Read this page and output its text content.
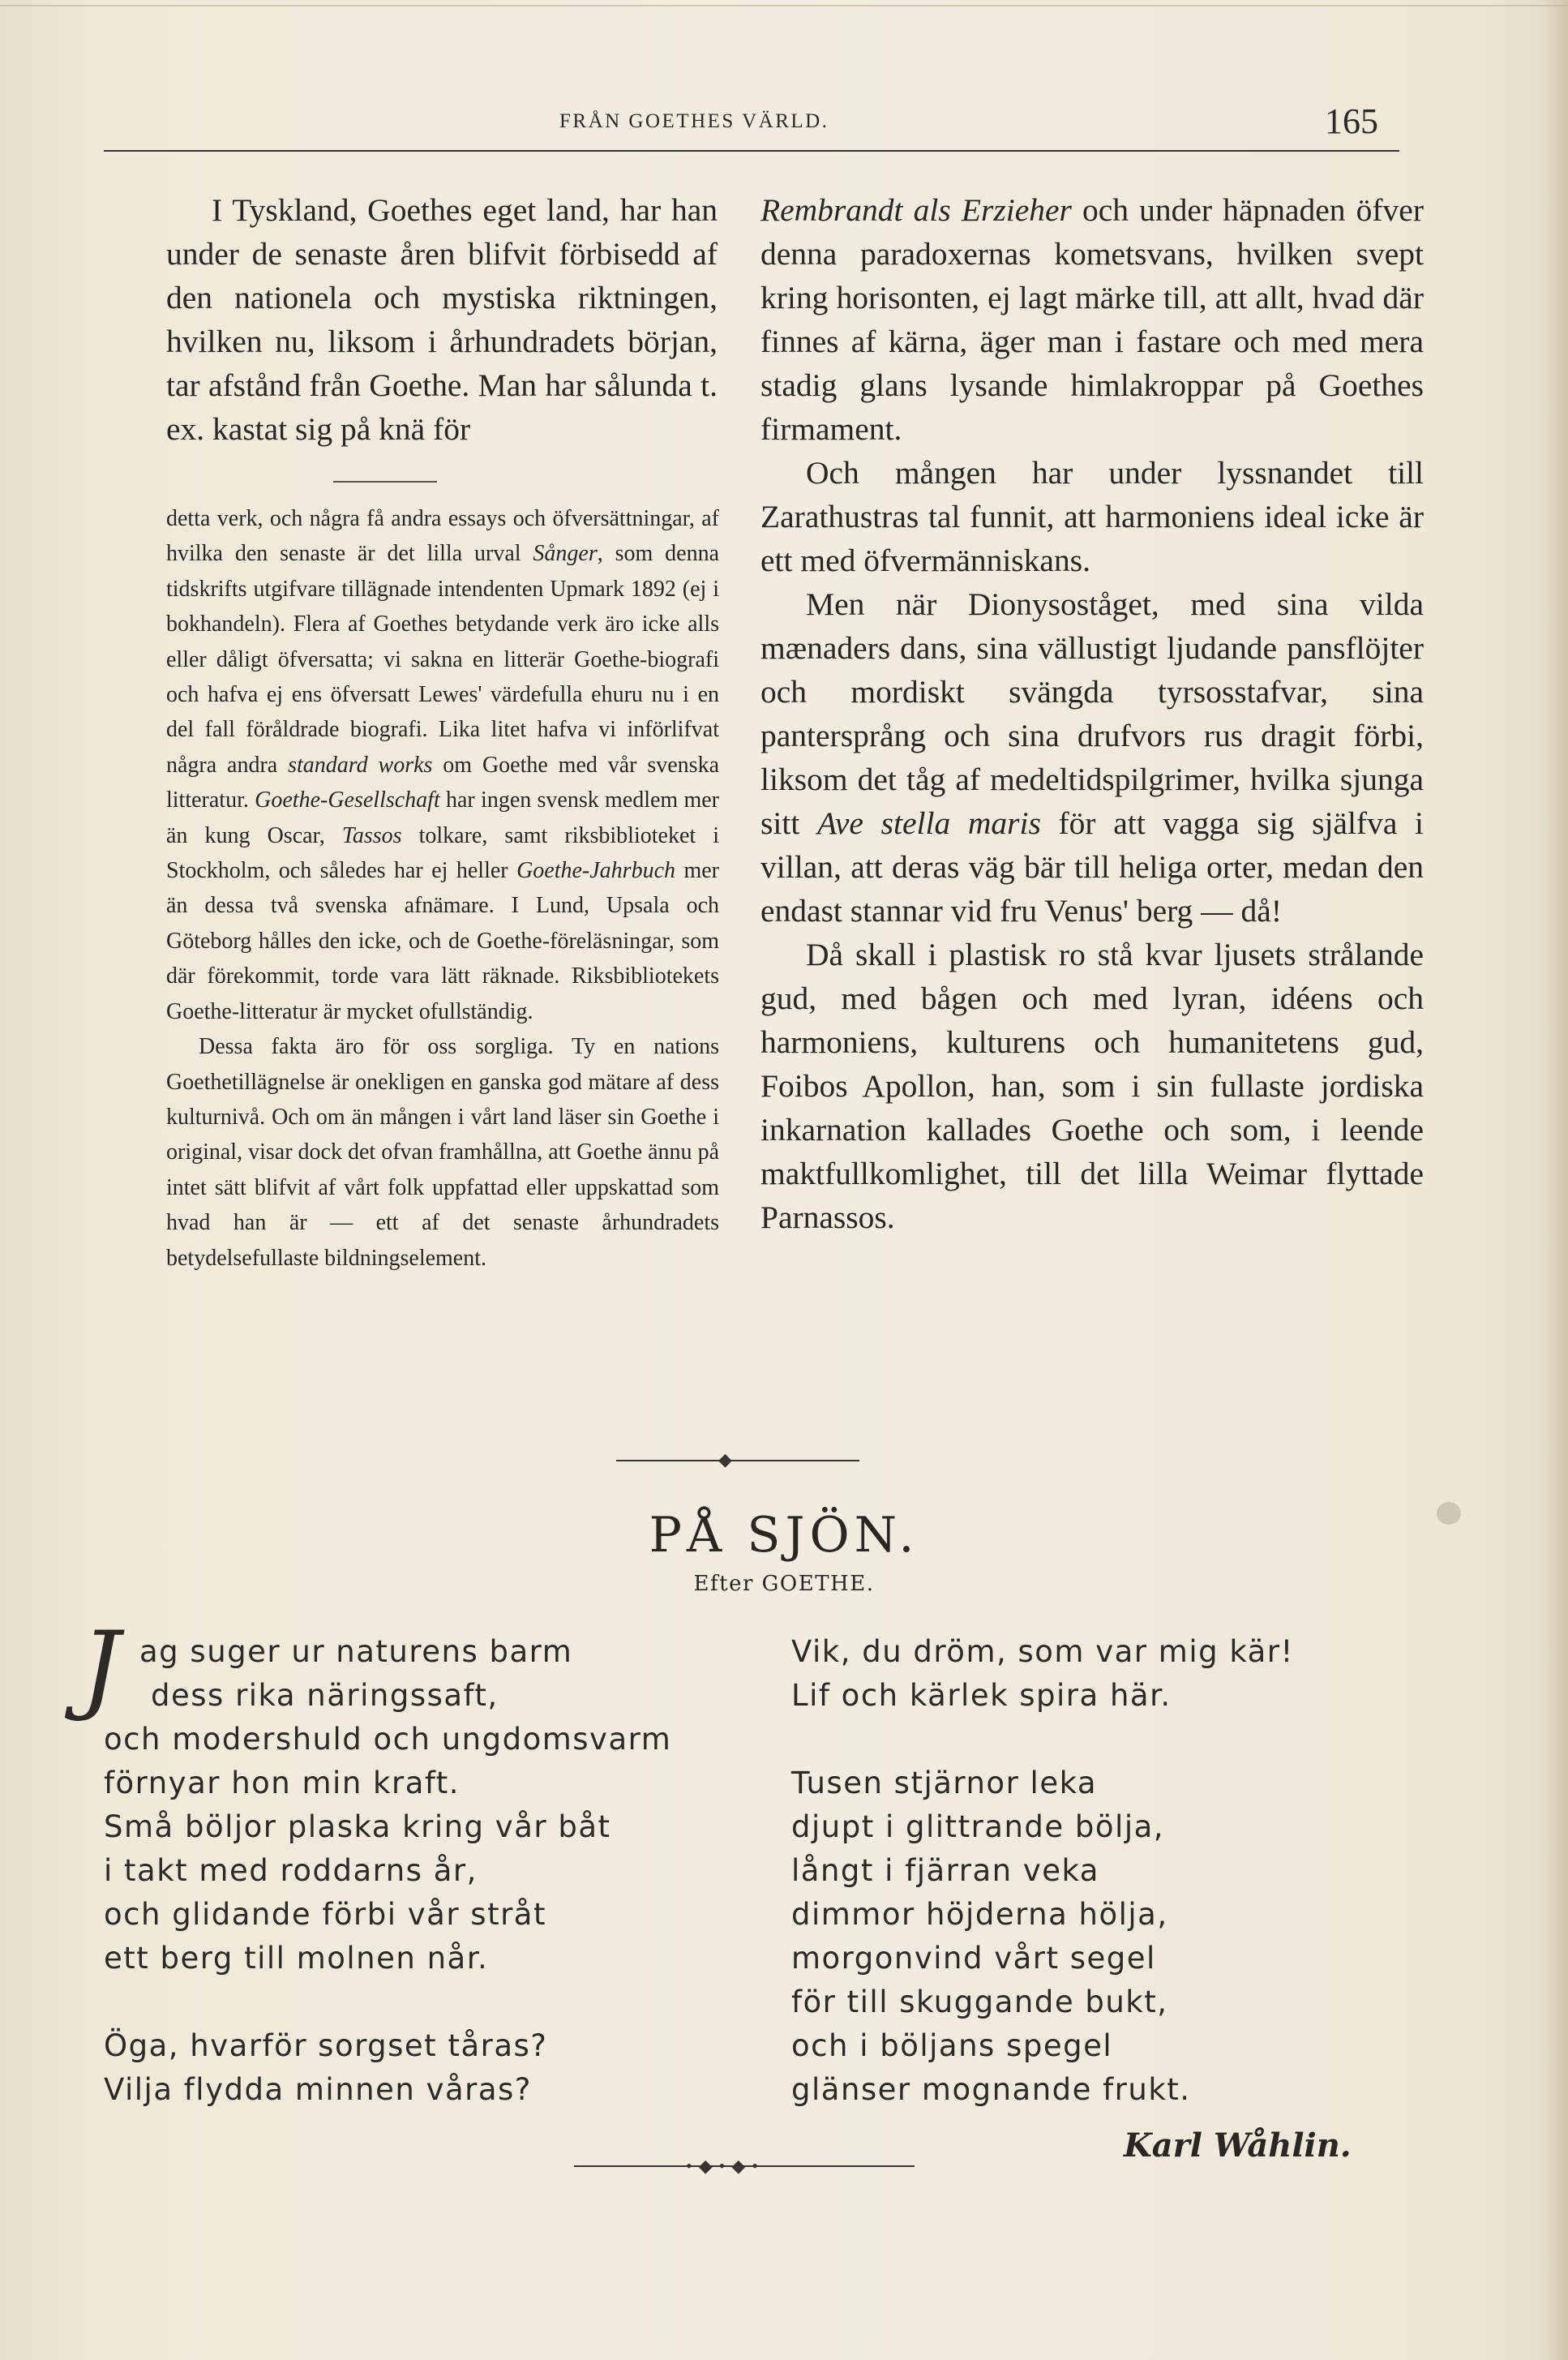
FRÅN GOETHES VÄRLD.	165

I Tyskland, Goethes eget land, har han under de senaste åren blifvit förbisedd af den nationela och mystiska riktningen, hvilken nu, liksom i århundradets början, tar afstånd från Goethe. Man har sålunda t. ex. kastat sig på knä för

detta verk, och några få andra essays och öfversättningar, af hvilka den senaste är det lilla urval Sånger, som denna tidskrifts utgifvare tillägnade intendenten Upmark 1892 (ej i bokhandeln). Flera af Goethes betydande verk äro icke alls eller dåligt öfversatta; vi sakna en litterär Goethe-biografi och hafva ej ens öfversatt Lewes' värdefulla ehuru nu i en del fall föråldrade biografi. Lika litet hafva vi införlifvat några andra standard works om Goethe med vår svenska litteratur. Goethe-Gesellschaft har ingen svensk medlem mer än kung Oscar, Tassos tolkare, samt riksbiblioteket i Stockholm, och således har ej heller Goethe-Jahrbuch mer än dessa två svenska afnämare. I Lund, Upsala och Göteborg hålles den icke, och de Goethe-föreläsningar, som där förekommit, torde vara lätt räknade. Riksbibliotekets Goethe-litteratur är mycket ofullständig.

Dessa fakta äro för oss sorgliga. Ty en nations Goethetillägnelse är onekligen en ganska god mätare af dess kulturnivå. Och om än mången i vårt land läser sin Goethe i original, visar dock det ofvan framhållna, att Goethe ännu på intet sätt blifvit af vårt folk uppfattad eller uppskattad som hvad han är — ett af det senaste århundradets betydelsefullaste bildningselement.

Rembrandt als Erzieher och under häpnaden öfver denna paradoxernas kometsvans, hvilken svept kring horisonten, ej lagt märke till, att allt, hvad där finnes af kärna, äger man i fastare och med mera stadig glans lysande himlakroppar på Goethes firmament.

Och mången har under lyssnandet till Zarathustras tal funnit, att harmoniens ideal icke är ett med öfvermänniskans.

Men när Dionysoståget, med sina vilda mænaders dans, sina vällustigt ljudande pansflöjter och mordiskt svängda tyrsosstafvar, sina pantersprång och sina drufvors rus dragit förbi, liksom det tåg af medeltidspilgrimer, hvilka sjunga sitt Ave stella maris för att vagga sig själfva i villan, att deras väg bär till heliga orter, medan den endast stannar vid fru Venus' berg — då!

Då skall i plastisk ro stå kvar ljusets strålande gud, med bågen och med lyran, idéens och harmoniens, kulturens och humanitetens gud, Foibos Apollon, han, som i sin fullaste jordiska inkarnation kallades Goethe och som, i leende maktfullkomlighet, till det lilla Weimar flyttade Parnassos.

◆
PÅ SJÖN.
Efter GOETHE.
J ag suger ur naturens barm
dess rika näringssaft,
och modershuld och ungdomsvarm
förnyar hon min kraft.
Små böljor plaska kring vår båt
i takt med roddarns år,
och glidande förbi vår stråt
ett berg till molnen når.
Öga, hvarför sorgset tåras?
Vilja flydda minnen våras?
Vik, du dröm, som var mig kär!
Lif och kärlek spira här.
Tusen stjärnor leka
djupt i glittrande bölja,
långt i fjärran veka
dimmor höjderna hölja,
morgonvind vårt segel
för till skuggande bukt,
och i böljans spegel
glänser mognande frukt.
Karl Wåhlin.
•◆•◆•
